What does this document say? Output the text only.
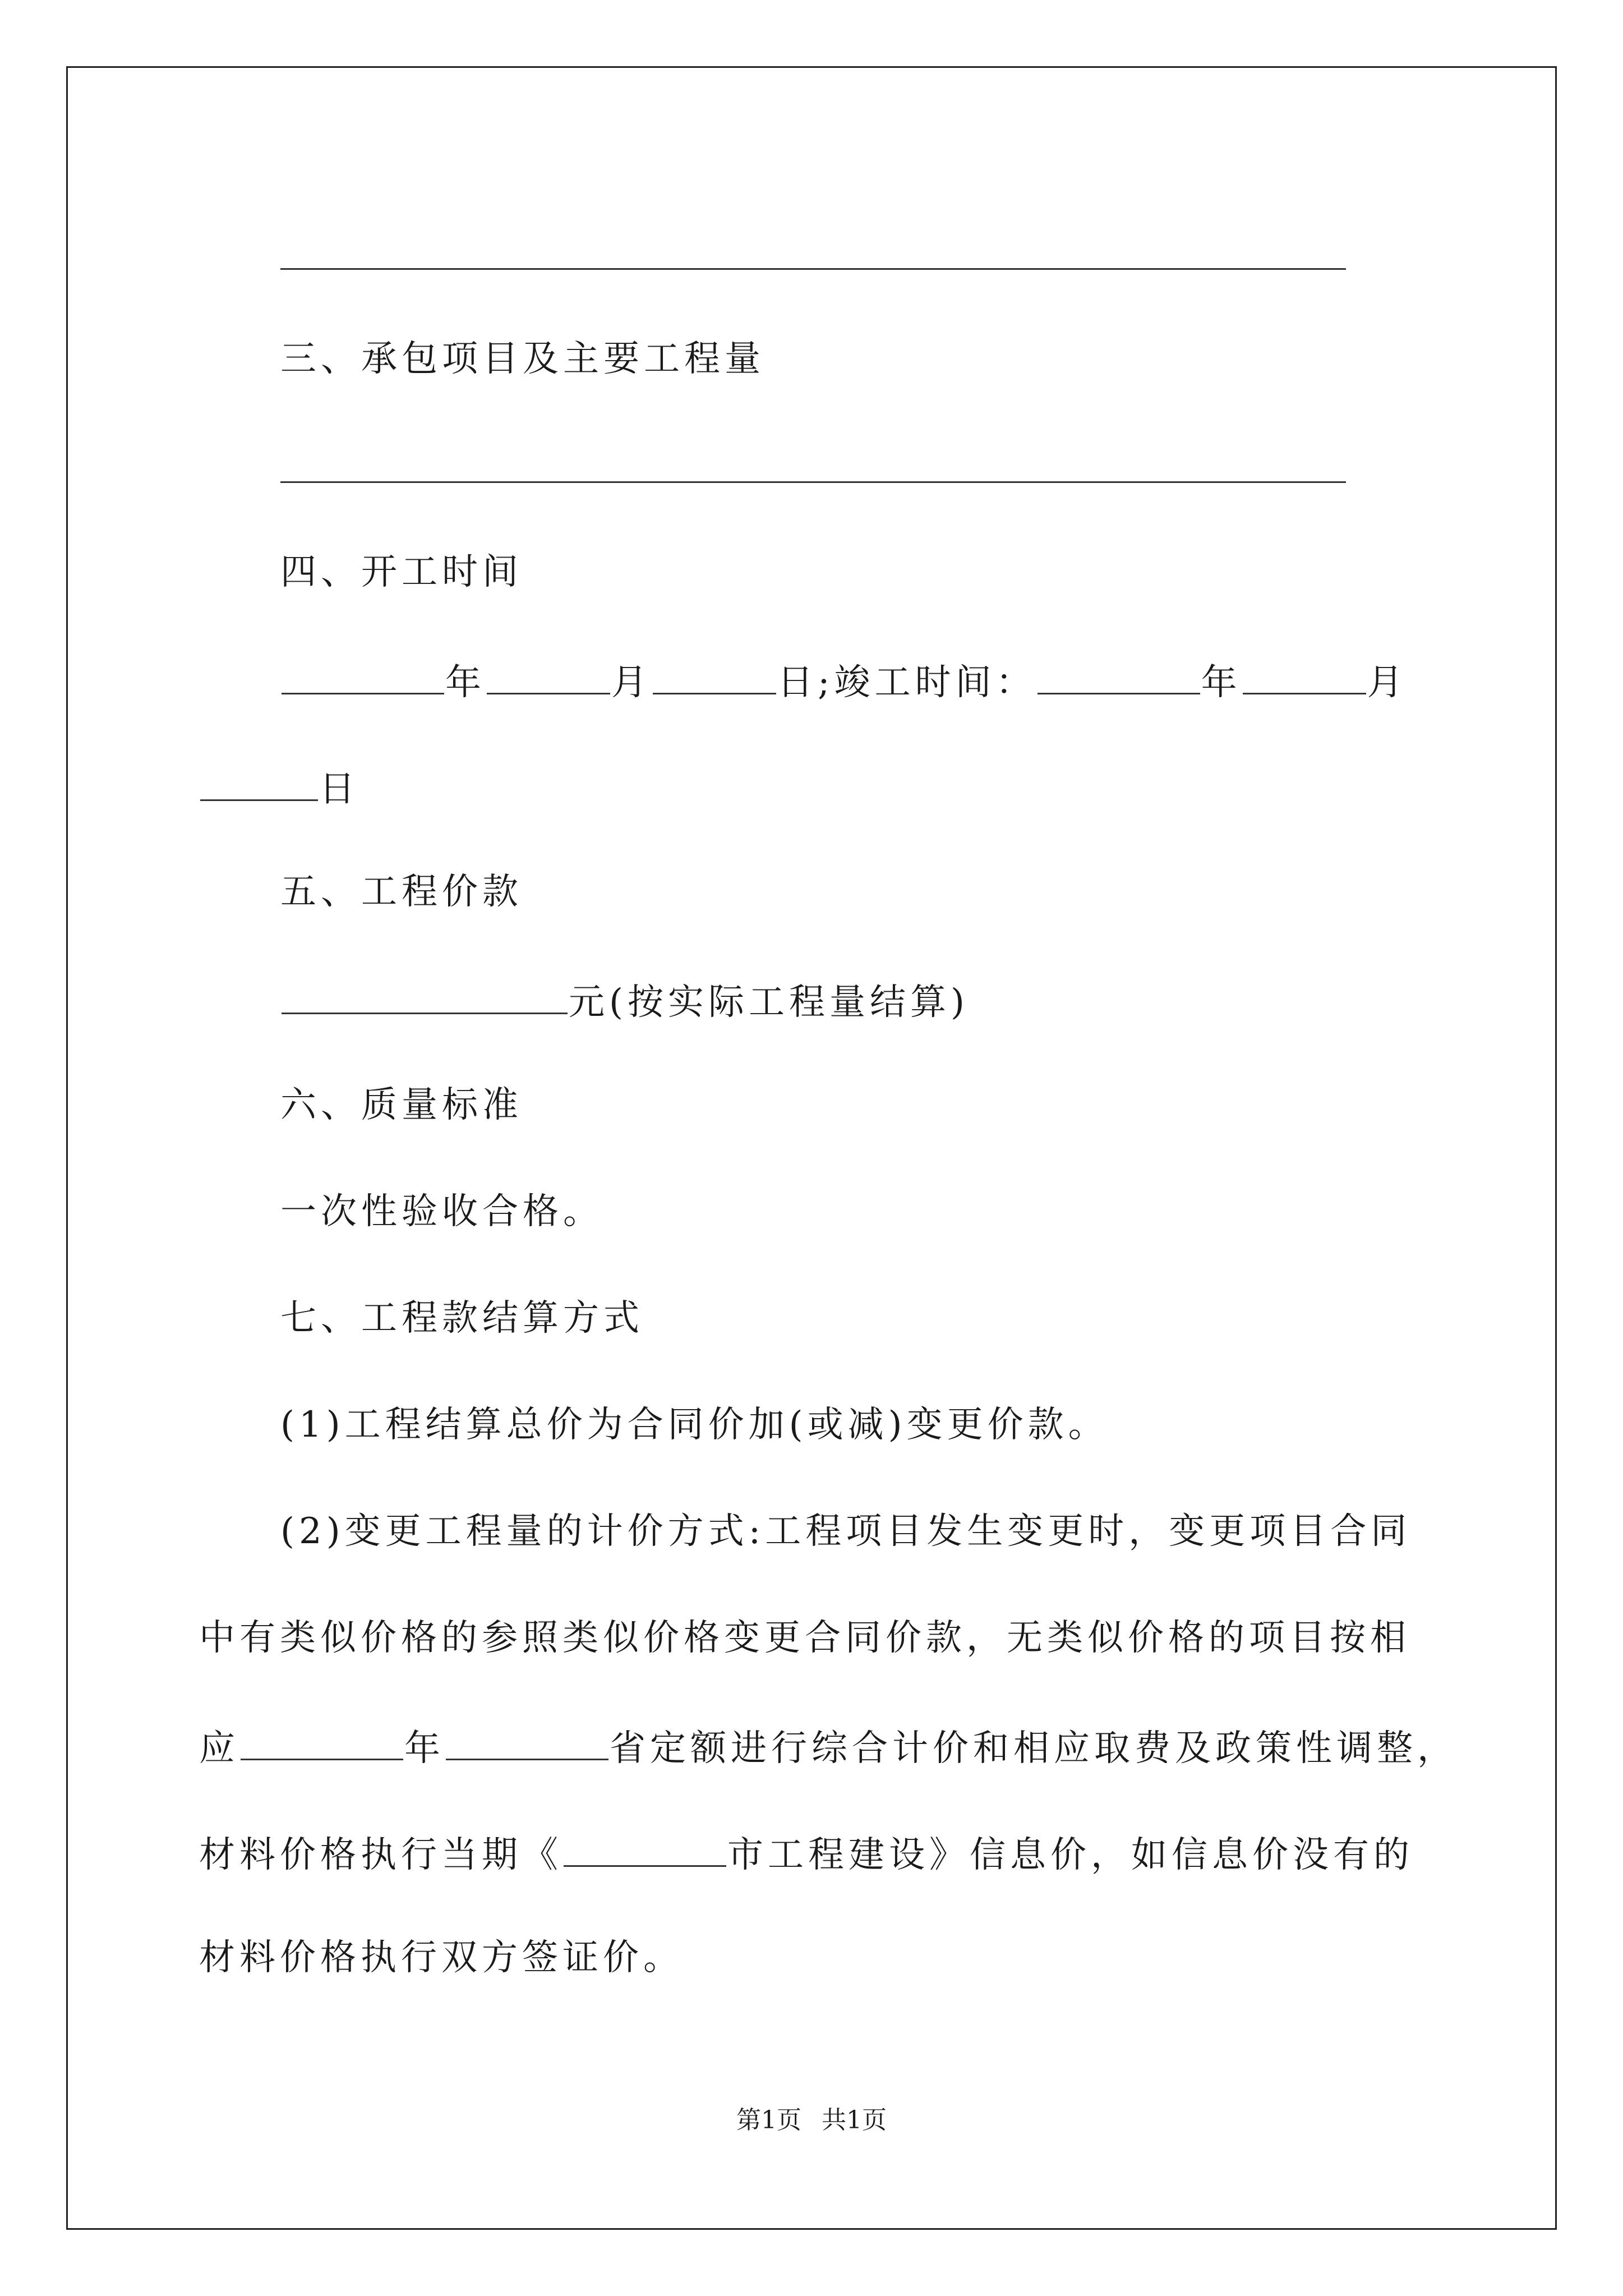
三、承包项目及主要工程量
四、开工时间
年	月	日;竣工时间：	年	月
日
五、工程价款
元(按实际工程量结算)
六、质量标准
一次性验收合格。
七、工程款结算方式
(1)工程结算总价为合同价加(或减)变更价款。
(2)变更工程量的计价方式:工程项目发生变更时，变更项目合同
中有类似价格的参照类似价格变更合同价款，无类似价格的项目按相
应	年	省定额进行综合计价和相应取费及政策性调整，
材料价格执行当期《	市工程建设》信息价，如信息价没有的
材料价格执行双方签证价。
第1页 共1页
